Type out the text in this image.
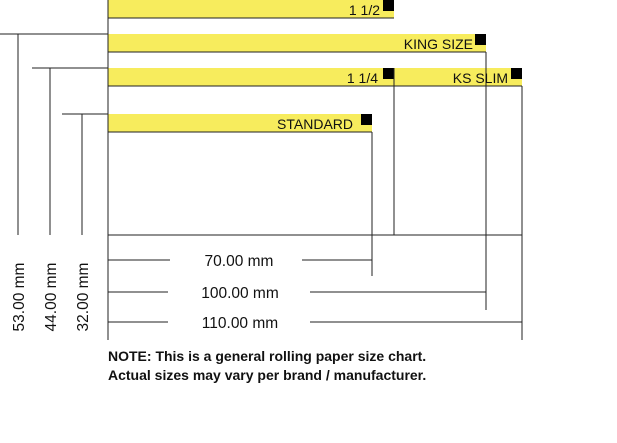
1 1/2
KING SIZE
1 1/4	KS SLIM
STANDARD
70.00 mm
100.00 mm
110.00 mm
53.00 mm 44.00 mm 32.00 mm
NOTE: This is a general rolling paper size chart.
Actual sizes may vary per brand / manufacturer.
